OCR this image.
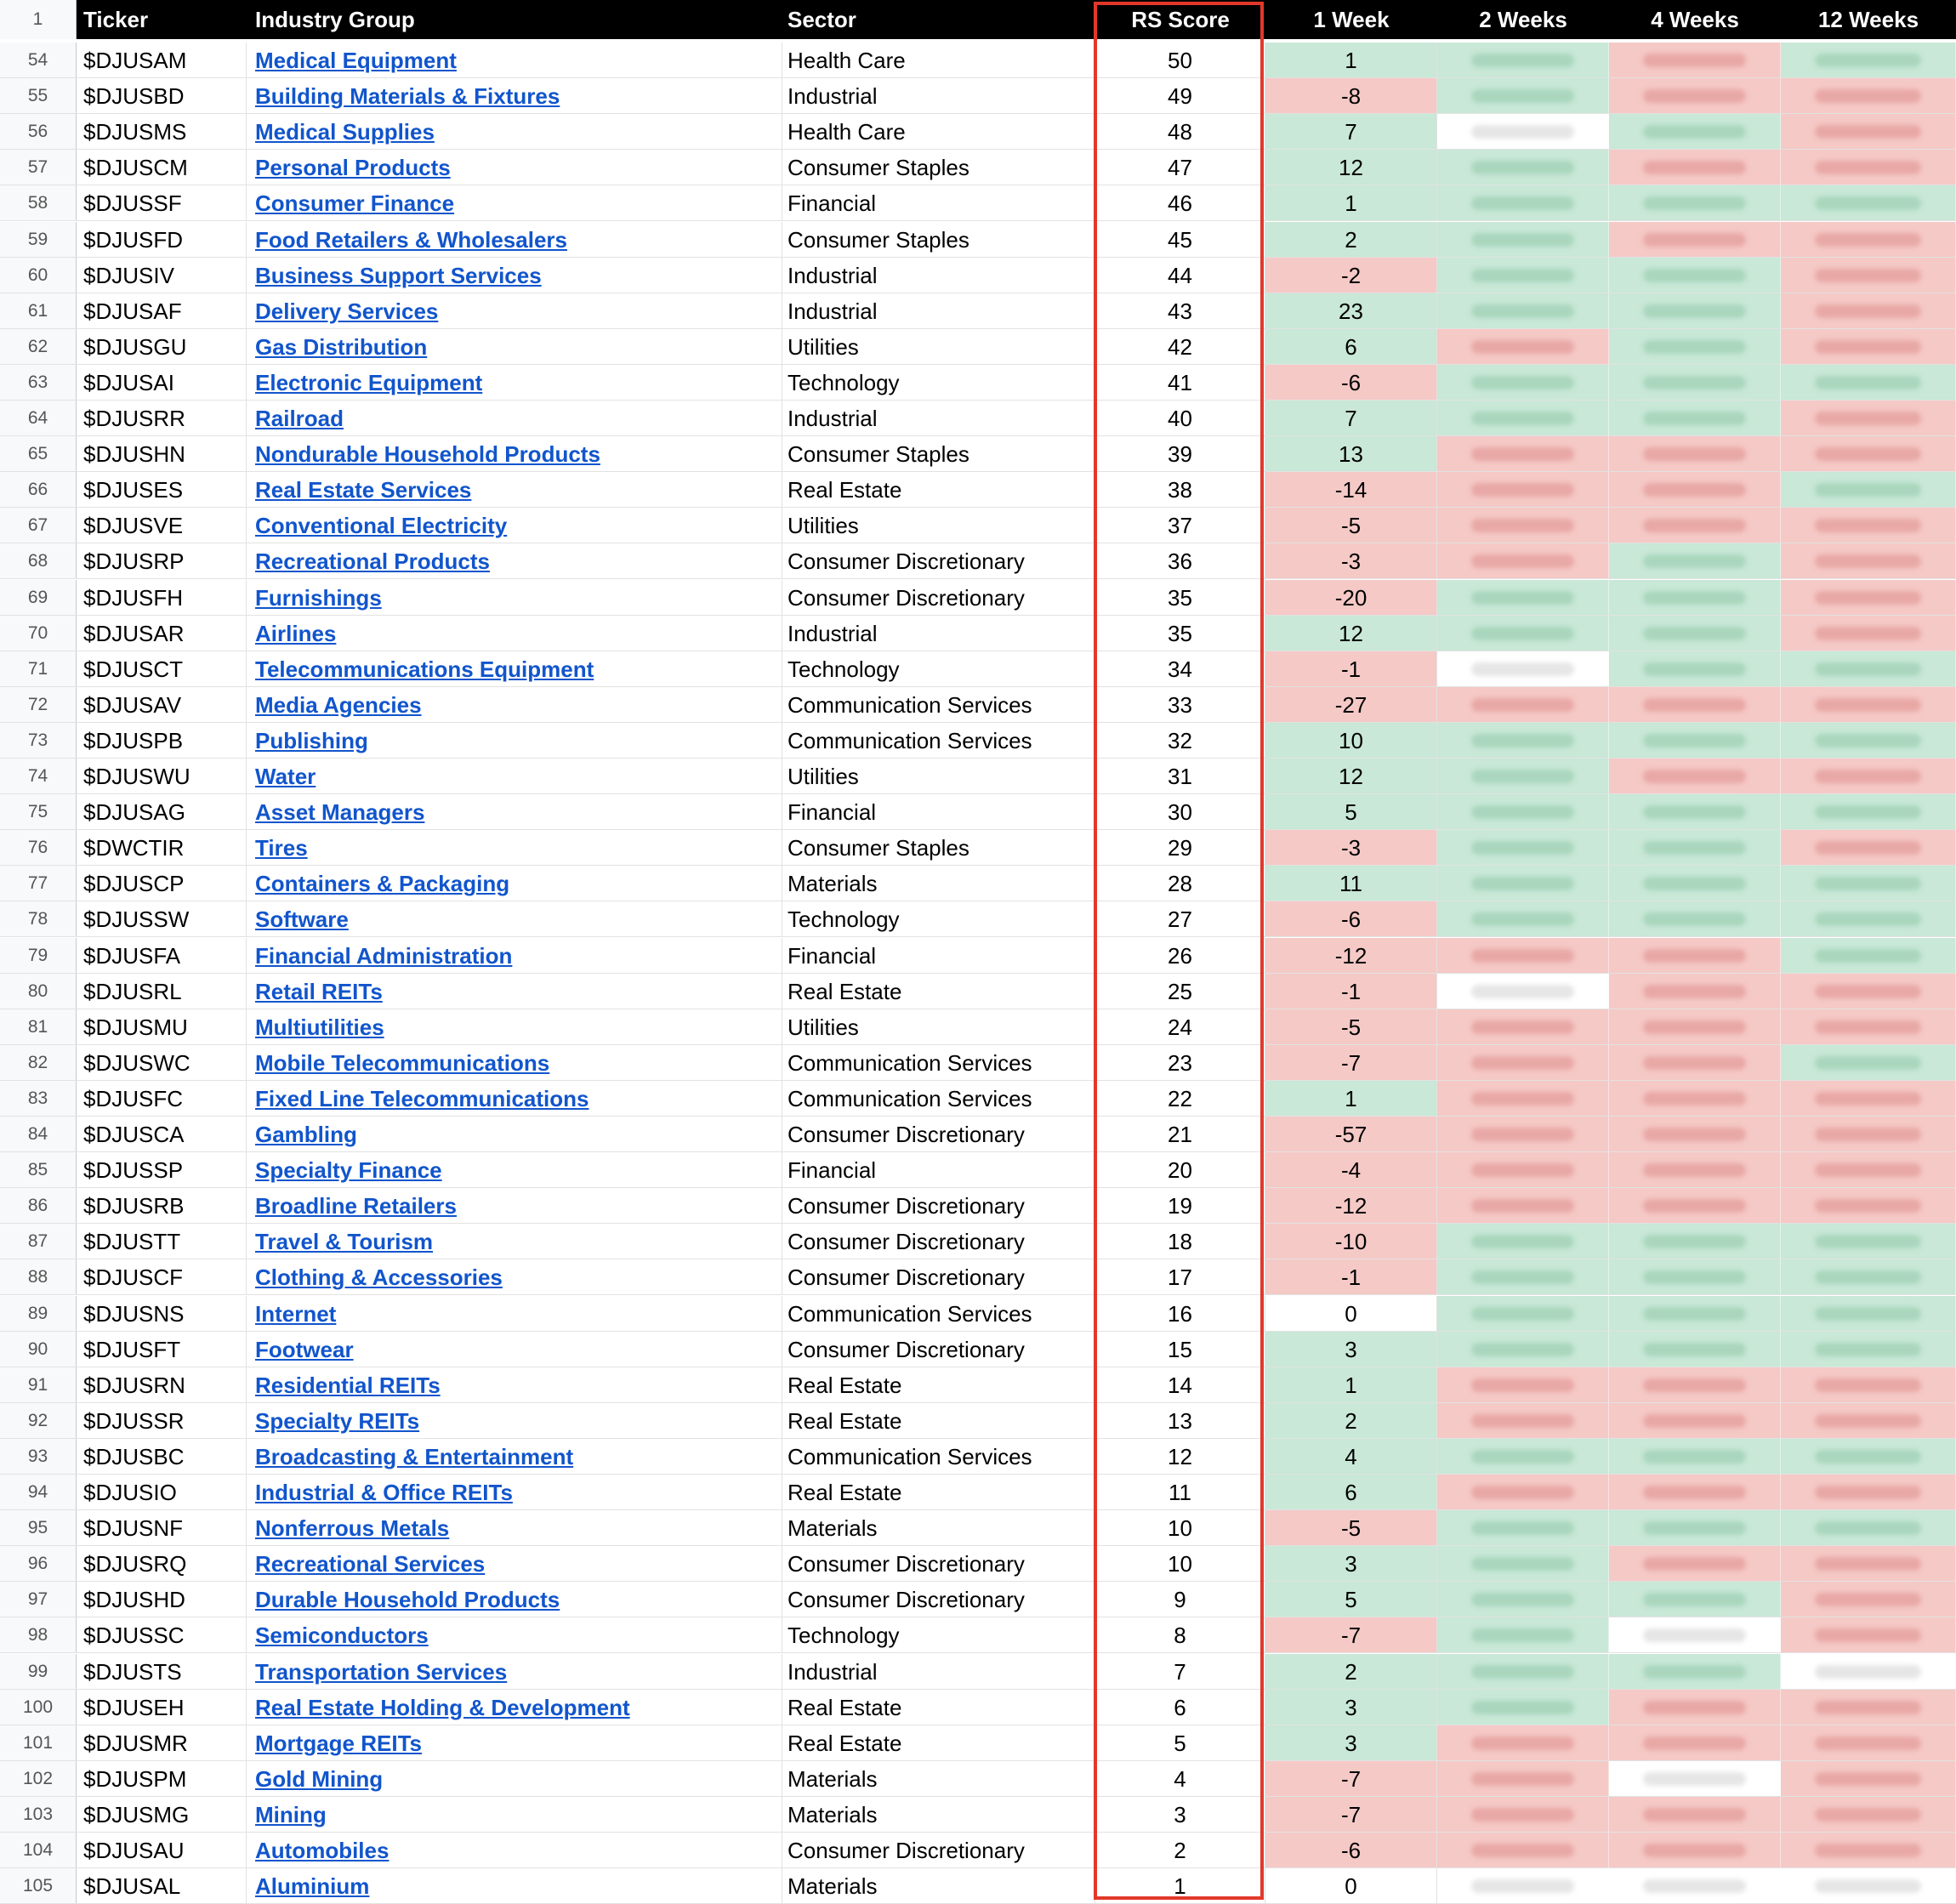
1	Ticker	Industry Group	Sector	RS Score	1 Week	2 Weeks	4 Weeks	12 Weeks
54	$DJUSAM	Medical Equipment	Health Care	50	1
55	$DJUSBD	Building Materials & Fixtures	Industrial	49	-8
56	$DJUSMS	Medical Supplies	Health Care	48	7
57	$DJUSCM	Personal Products	Consumer Staples	47	12
58	$DJUSSF	Consumer Finance	Financial	46	1
59	$DJUSFD	Food Retailers & Wholesalers	Consumer Staples	45	2
60	$DJUSIV	Business Support Services	Industrial	44	-2
61	$DJUSAF	Delivery Services	Industrial	43	23
62	$DJUSGU	Gas Distribution	Utilities	42	6
63	$DJUSAI	Electronic Equipment	Technology	41	-6
64	$DJUSRR	Railroad	Industrial	40	7
65	$DJUSHN	Nondurable Household Products	Consumer Staples	39	13
66	$DJUSES	Real Estate Services	Real Estate	38	-14
67	$DJUSVE	Conventional Electricity	Utilities	37	-5
68	$DJUSRP	Recreational Products	Consumer Discretionary	36	-3
69	$DJUSFH	Furnishings	Consumer Discretionary	35	-20
70	$DJUSAR	Airlines	Industrial	35	12
71	$DJUSCT	Telecommunications Equipment	Technology	34	-1
72	$DJUSAV	Media Agencies	Communication Services	33	-27
73	$DJUSPB	Publishing	Communication Services	32	10
74	$DJUSWU	Water	Utilities	31	12
75	$DJUSAG	Asset Managers	Financial	30	5
76	$DWCTIR	Tires	Consumer Staples	29	-3
77	$DJUSCP	Containers & Packaging	Materials	28	11
78	$DJUSSW	Software	Technology	27	-6
79	$DJUSFA	Financial Administration	Financial	26	-12
80	$DJUSRL	Retail REITs	Real Estate	25	-1
81	$DJUSMU	Multiutilities	Utilities	24	-5
82	$DJUSWC	Mobile Telecommunications	Communication Services	23	-7
83	$DJUSFC	Fixed Line Telecommunications	Communication Services	22	1
84	$DJUSCA	Gambling	Consumer Discretionary	21	-57
85	$DJUSSP	Specialty Finance	Financial	20	-4
86	$DJUSRB	Broadline Retailers	Consumer Discretionary	19	-12
87	$DJUSTT	Travel & Tourism	Consumer Discretionary	18	-10
88	$DJUSCF	Clothing & Accessories	Consumer Discretionary	17	-1
89	$DJUSNS	Internet	Communication Services	16	0
90	$DJUSFT	Footwear	Consumer Discretionary	15	3
91	$DJUSRN	Residential REITs	Real Estate	14	1
92	$DJUSSR	Specialty REITs	Real Estate	13	2
93	$DJUSBC	Broadcasting & Entertainment	Communication Services	12	4
94	$DJUSIO	Industrial & Office REITs	Real Estate	11	6
95	$DJUSNF	Nonferrous Metals	Materials	10	-5
96	$DJUSRQ	Recreational Services	Consumer Discretionary	10	3
97	$DJUSHD	Durable Household Products	Consumer Discretionary	9	5
98	$DJUSSC	Semiconductors	Technology	8	-7
99	$DJUSTS	Transportation Services	Industrial	7	2
100	$DJUSEH	Real Estate Holding & Development	Real Estate	6	3
101	$DJUSMR	Mortgage REITs	Real Estate	5	3
102	$DJUSPM	Gold Mining	Materials	4	-7
103	$DJUSMG	Mining	Materials	3	-7
104	$DJUSAU	Automobiles	Consumer Discretionary	2	-6
105	$DJUSAL	Aluminium	Materials	1	0
